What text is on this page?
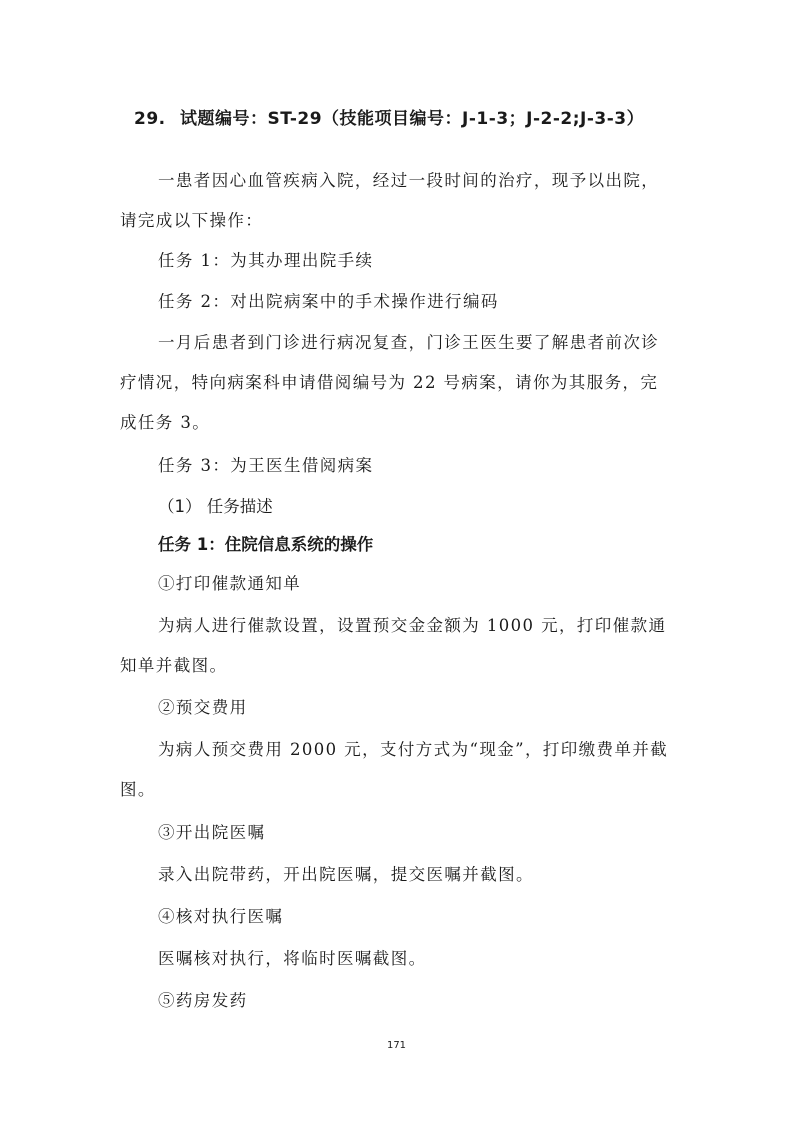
29. 试题编号：ST-29（技能项目编号：J-1-3；J-2-2;J-3-3）
一患者因心血管疾病入院，经过一段时间的治疗，现予以出院，请完成以下操作：
任务 1：为其办理出院手续
任务 2：对出院病案中的手术操作进行编码
一月后患者到门诊进行病况复查，门诊王医生要了解患者前次诊疗情况，特向病案科申请借阅编号为 22 号病案，请你为其服务，完成任务 3。
任务 3：为王医生借阅病案
（1） 任务描述
任务 1：住院信息系统的操作
①打印催款通知单
为病人进行催款设置，设置预交金金额为 1000 元，打印催款通知单并截图。
②预交费用
为病人预交费用 2000 元，支付方式为“现金”，打印缴费单并截图。
③开出院医嘱
录入出院带药，开出院医嘱，提交医嘱并截图。
④核对执行医嘱
医嘱核对执行，将临时医嘱截图。
⑤药房发药
171
